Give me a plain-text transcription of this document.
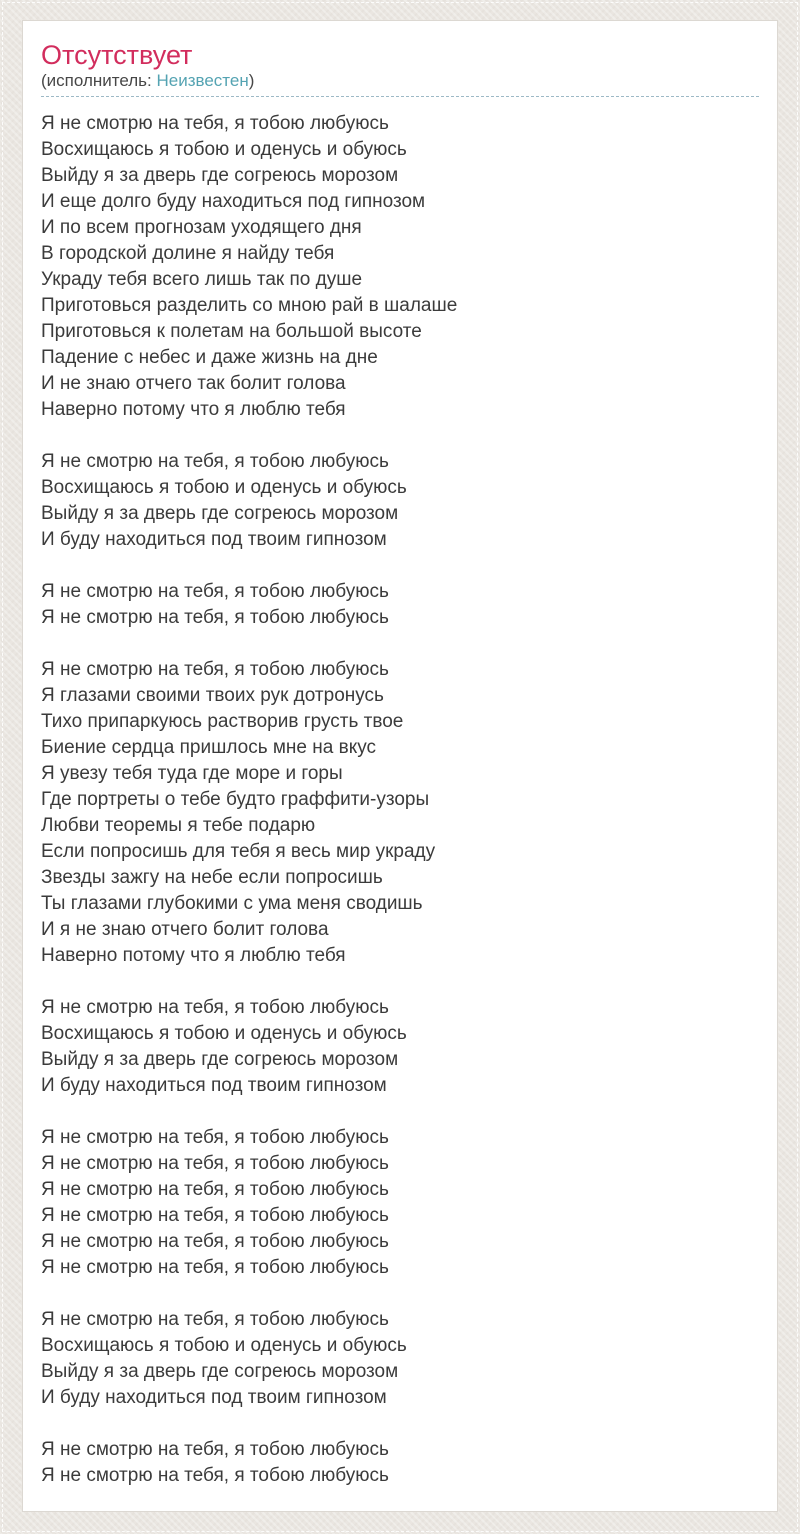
Отсутствует
(исполнитель: Неизвестен)
Я не смотрю на тебя, я тобою любуюсь
Восхищаюсь я тобою и оденусь и обуюсь
Выйду я за дверь где согреюсь морозом
И еще долго буду находиться под гипнозом
И по всем прогнозам уходящего дня
В городской долине я найду тебя
Украду тебя всего лишь так по душе
Приготовься разделить со мною рай в шалаше
Приготовься к полетам на большой высоте
Падение с небес и даже жизнь на дне
И не знаю отчего так болит голова
Наверно потому что я люблю тебя
Я не смотрю на тебя, я тобою любуюсь
Восхищаюсь я тобою и оденусь и обуюсь
Выйду я за дверь где согреюсь морозом
И буду находиться под твоим гипнозом
Я не смотрю на тебя, я тобою любуюсь
Я не смотрю на тебя, я тобою любуюсь
Я не смотрю на тебя, я тобою любуюсь
Я глазами своими твоих рук дотронусь
Тихо припаркуюсь растворив грусть твое
Биение сердца пришлось мне на вкус
Я увезу тебя туда где море и горы
Где портреты о тебе будто граффити-узоры
Любви теоремы я тебе подарю
Если попросишь для тебя я весь мир украду
Звезды зажгу на небе если попросишь
Ты глазами глубокими с ума меня сводишь
И я не знаю отчего болит голова
Наверно потому что я люблю тебя
Я не смотрю на тебя, я тобою любуюсь
Восхищаюсь я тобою и оденусь и обуюсь
Выйду я за дверь где согреюсь морозом
И буду находиться под твоим гипнозом
Я не смотрю на тебя, я тобою любуюсь
Я не смотрю на тебя, я тобою любуюсь
Я не смотрю на тебя, я тобою любуюсь
Я не смотрю на тебя, я тобою любуюсь
Я не смотрю на тебя, я тобою любуюсь
Я не смотрю на тебя, я тобою любуюсь
Я не смотрю на тебя, я тобою любуюсь
Восхищаюсь я тобою и оденусь и обуюсь
Выйду я за дверь где согреюсь морозом
И буду находиться под твоим гипнозом
Я не смотрю на тебя, я тобою любуюсь
Я не смотрю на тебя, я тобою любуюсь
